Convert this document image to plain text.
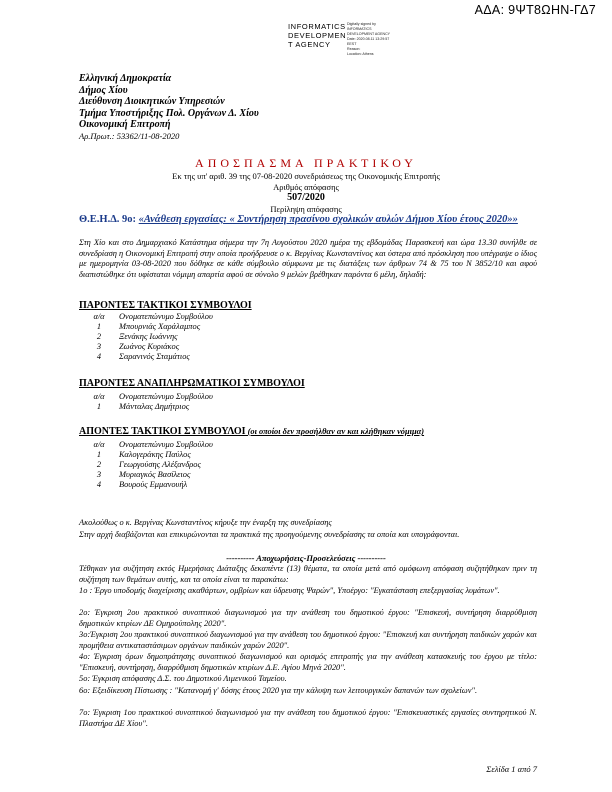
ΑΔΑ: 9ΨΤ8ΩΗΝ-ΓΔ7
INFORMATICS
DEVELOPMEN
T AGENCY
Digitally signed by
INFORMATICS
DEVELOPMENT AGENCY
Date: 2020.08.11 13:29:57
EEST
Reason:
Location: Athens
Ελληνική Δημοκρατία
Δήμος Χίου
Διεύθυνση Διοικητικών Υπηρεσιών
Τμήμα Υποστήριξης Πολ. Οργάνων Δ. Χίου
Οικονομική Επιτροπή
Αρ.Πρωτ.: 53362/11-08-2020
ΑΠΟΣΠΑΣΜΑ ΠΡΑΚΤΙΚΟΥ
Εκ της υπ' αριθ. 39 της 07-08-2020 συνεδριάσεως της Οικονομικής Επιτροπής
Αριθμός απόφασης
507/2020
Περίληψη απόφασης
Θ.Ε.Η.Δ. 9ο: «Ανάθεση εργασίας: « Συντήρηση πρασίνου σχολικών αυλών Δήμου Χίου έτους 2020»»
Στη Χίο και στο Δημαρχιακό Κατάστημα σήμερα την 7η Αυγούστου 2020 ημέρα της εβδομάδας Παρασκευή και ώρα 13.30 συνήλθε σε συνεδρίαση η Οικονομική Επιτροπή στην οποία προήδρευσε ο κ. Βεργίνας Κωνσταντίνος και ύστερα από πρόσκληση που υπέγραψε ο ίδιος με ημερομηνία 03-08-2020 που δόθηκε σε κάθε σύμβουλο σύμφωνα με τις διατάξεις των άρθρων 74 & 75 του Ν 3852/10 και αφού διαπιστώθηκε ότι υφίσταται νόμιμη απαρτία αφού σε σύνολο 9 μελών βρέθηκαν παρόντα 6 μέλη, δηλαδή:
ΠΑΡΟΝΤΕΣ ΤΑΚΤΙΚΟΙ ΣΥΜΒΟΥΛΟΙ
α/α	Ονοματεπώνυμο Συμβούλου
1	Μπουρνιάς Χαράλαμπος
2	Ξενάκης Ιωάννης
3	Ζωάνος Κυριάκος
4	Σαρανινός Σταμάτιος
ΠΑΡΟΝΤΕΣ ΑΝΑΠΛΗΡΩΜΑΤΙΚΟΙ ΣΥΜΒΟΥΛΟΙ
α/α	Ονοματεπώνυμο Συμβούλου
1	Μάνταλας Δημήτριος
ΑΠΟΝΤΕΣ ΤΑΚΤΙΚΟΙ ΣΥΜΒΟΥΛΟΙ (οι οποίοι δεν προσήλθαν αν και κλήθηκαν νόμιμα)
α/α	Ονοματεπώνυμο Συμβούλου
1	Καλογεράκης Παύλος
2	Γεωργούσης Αλέξανδρος
3	Μυριαγκός Βασίλειος
4	Βουρούς Εμμανουήλ
Ακολούθως ο κ. Βεργίνας Κωνσταντίνος κήρυξε την έναρξη της συνεδρίασης
Στην αρχή διαβάζονται και επικυρώνονται τα πρακτικά της προηγούμενης συνεδρίασης τα οποία και υπογράφονται.
---------- Αποχωρήσεις-Προσελεύσεις ----------
Τέθηκαν για συζήτηση εκτός Ημερήσιας Διάταξης δεκαπέντε (13) θέματα, τα οποία μετά από ομόφωνη απόφαση συζητήθηκαν πριν τη συζήτηση των θεμάτων αυτής, και τα οποία είναι τα παρακάτω:
1ο : Έργο υποδομής διαχείρισης ακαθάρτων, ομβρίων και ύδρευσης Ψαρών", Υποέργο: "Εγκατάσταση επεξεργασίας λυμάτων".
2ο: Έγκριση 2ου πρακτικού συνοπτικού διαγωνισμού για την ανάθεση του δημοτικού έργου: "Επισκευή, συντήρηση διαρρύθμιση δημοτικών κτιρίων ΔΕ Ομηρούπολης 2020".
3ο:Έγκριση 2ου πρακτικού συνοπτικού διαγωνισμού για την ανάθεση του δημοτικού έργου: "Επισκευή και συντήρηση παιδικών χαρών και προμήθεια αντικαταστάσιμων οργάνων παιδικών χαρών 2020".
4ο: Έγκριση όρων δημοπράτησης συνοπτικού διαγωνισμού και ορισμός επιτροπής για την ανάθεση κατασκευής του έργου με τίτλο: "Επισκευή, συντήρηση, διαρρύθμιση δημοτικών κτιρίων Δ.Ε. Αγίου Μηνά 2020".
5ο: Έγκριση απόφασης Δ.Σ. του Δημοτικού Λιμενικού Ταμείου.
6ο: Εξειδίκευση Πίστωσης : "Κατανομή γ' δόσης έτους 2020 για την κάλυψη των λειτουργικών δαπανών των σχολείων".
7ο: Έγκριση 1ου πρακτικού συνοπτικού διαγωνισμού για την ανάθεση του δημοτικού έργου: "Επισκευαστικές εργασίες συντηρητικού Ν. Πλαστήρα ΔΕ Χίου".
Σελίδα 1 από 7
